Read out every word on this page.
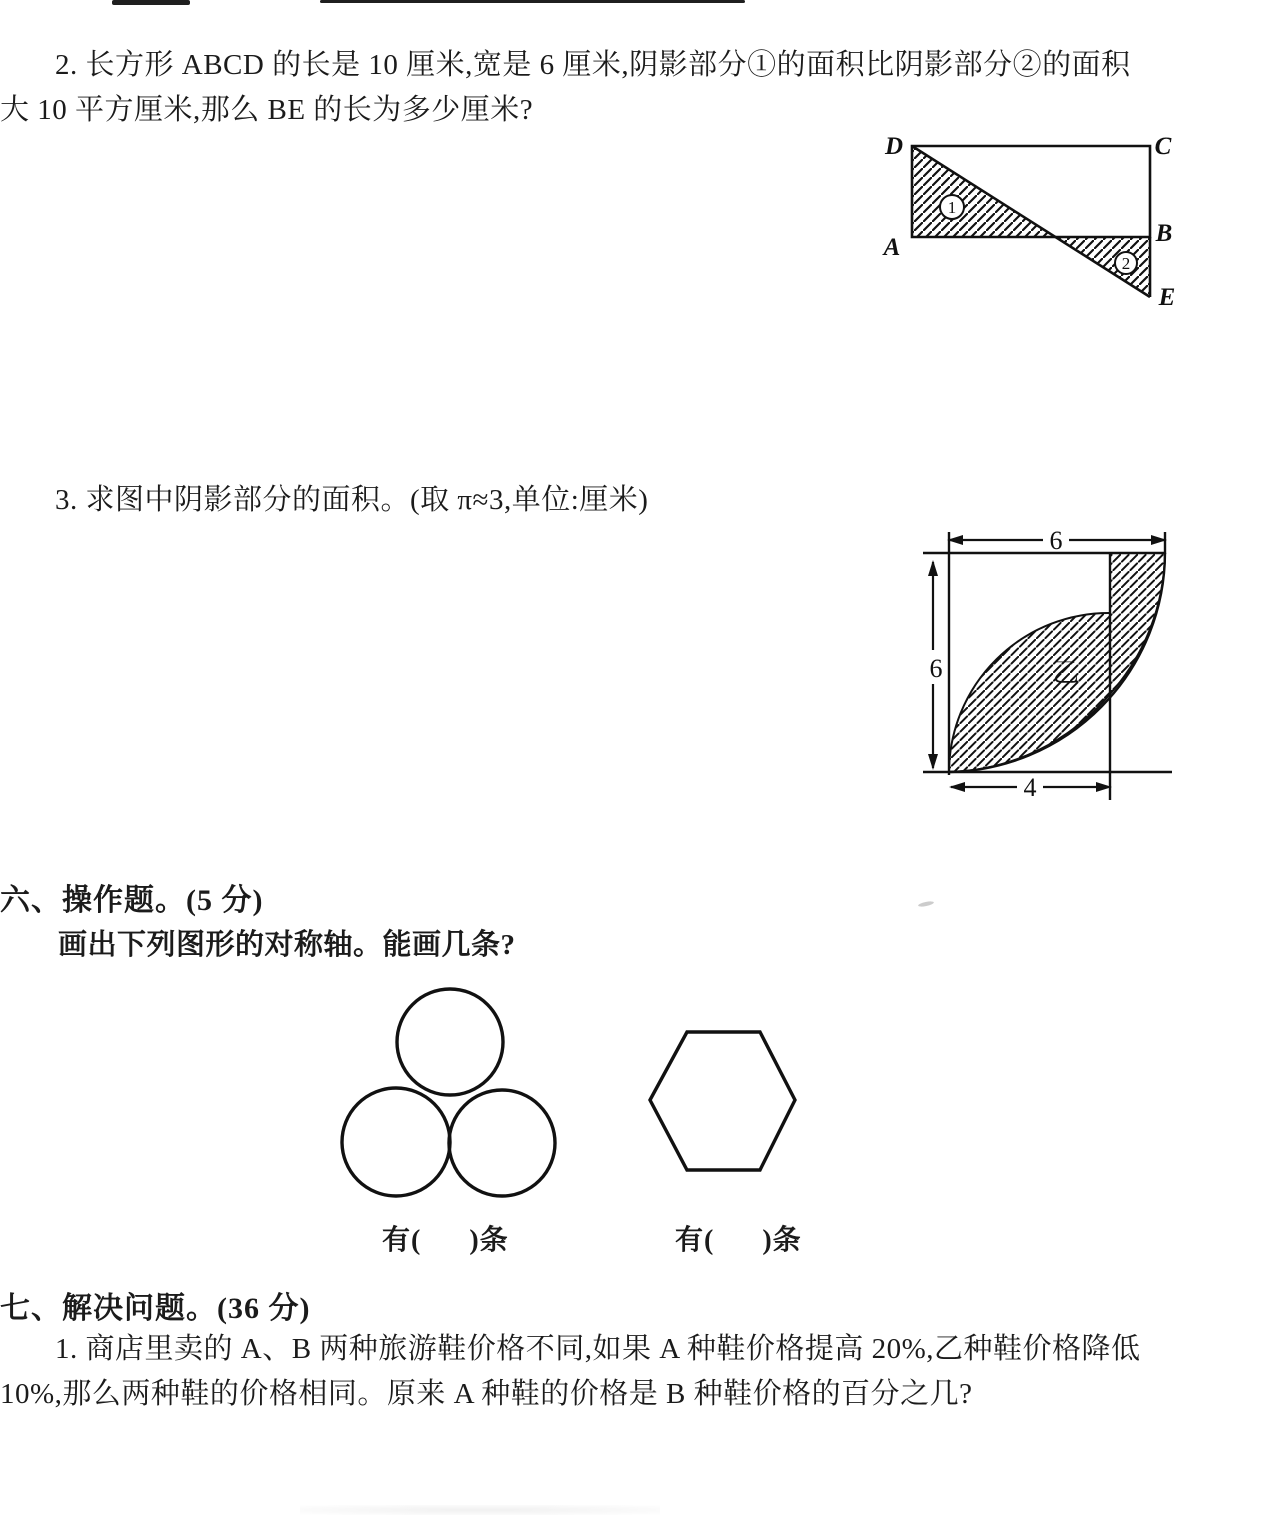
2. 长方形 ABCD 的长是 10 厘米,宽是 6 厘米,阴影部分①的面积比阴影部分②的面积
大 10 平方厘米,那么 BE 的长为多少厘米?
D	C
A
B
E
1
2
3. 求图中阴影部分的面积。(取 π≈3,单位:厘米)
6
6
4
乙
六、操作题。(5 分)
画出下列图形的对称轴。能画几条?
有(      )条	有(      )条
七、解决问题。(36 分)
1. 商店里卖的 A、B 两种旅游鞋价格不同,如果 A 种鞋价格提高 20%,乙种鞋价格降低
10%,那么两种鞋的价格相同。原来 A 种鞋的价格是 B 种鞋价格的百分之几?
